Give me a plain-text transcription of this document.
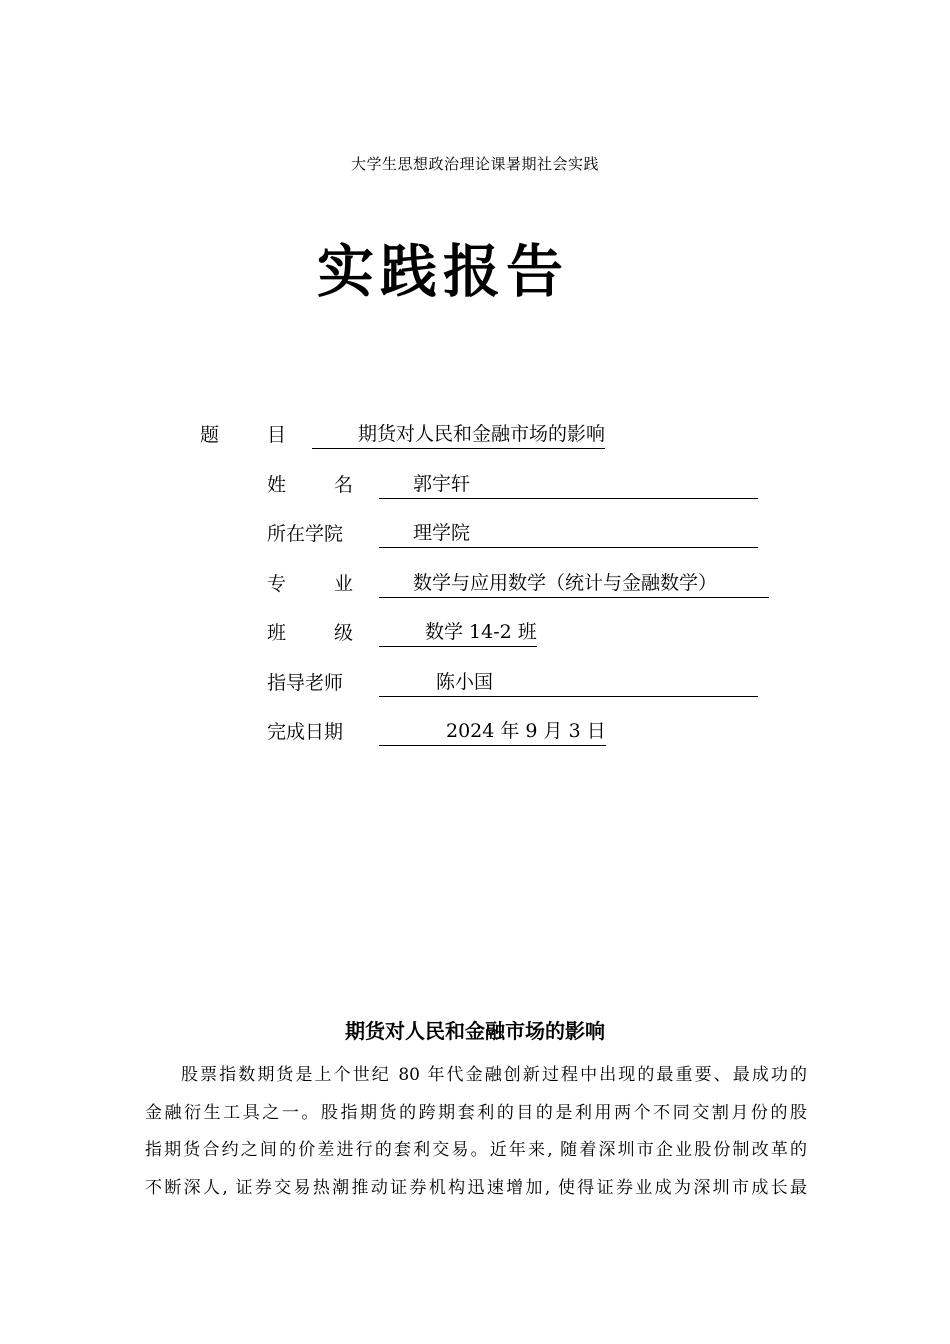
大学生思想政治理论课暑期社会实践
实践报告
题	目	期货对人民和金融市场的影响
姓	名	郭宇轩
所在学院	理学院
专	业	数学与应用数学（统计与金融数学）
班	级	数学 14-2 班
指导老师	陈小国
完成日期	2024 年 9 月 3 日
期货对人民和金融市场的影响
股票指数期货是上个世纪 80 年代金融创新过程中出现的最重要、最成功的
金融衍生工具之一。股指期货的跨期套利的目的是利用两个不同交割月份的股
指期货合约之间的价差进行的套利交易。近年来, 随着深圳市企业股份制改革的
不断深人, 证券交易热潮推动证券机构迅速增加, 使得证券业成为深圳市成长最
